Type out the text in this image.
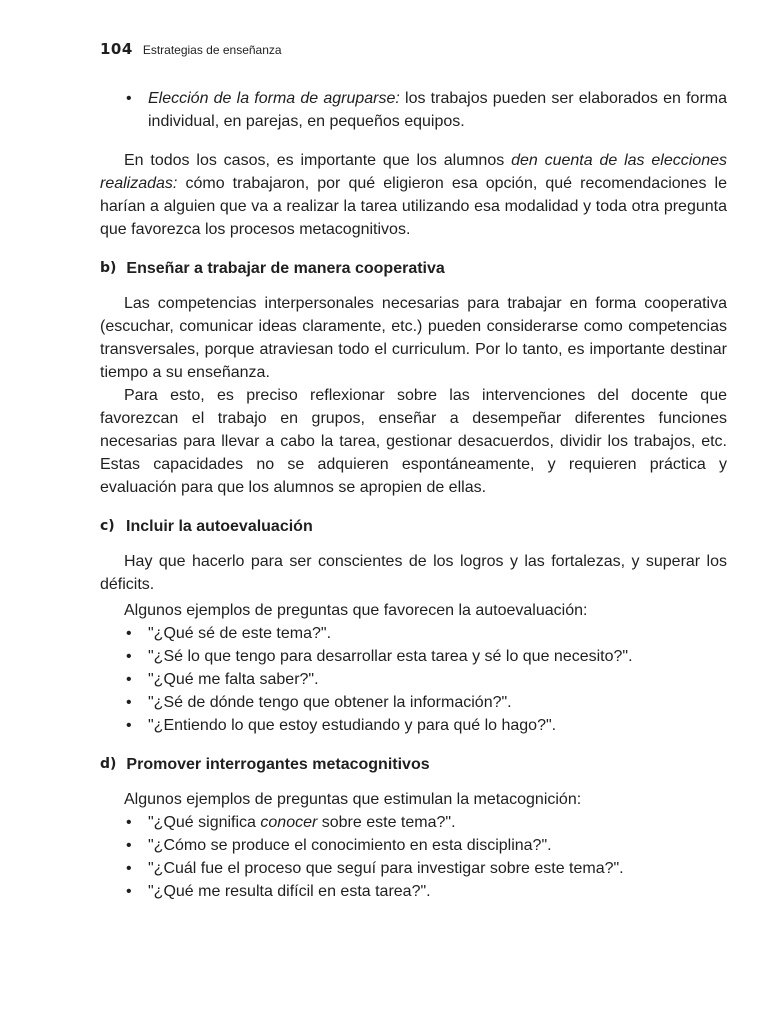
104 Estrategias de enseñanza
• Elección de la forma de agruparse: los trabajos pueden ser elaborados en forma individual, en parejas, en pequeños equipos.

En todos los casos, es importante que los alumnos den cuenta de las elecciones realizadas: cómo trabajaron, por qué eligieron esa opción, qué recomendaciones le harían a alguien que va a realizar la tarea utilizando esa modalidad y toda otra pregunta que favorezca los procesos metacognitivos.

b) Enseñar a trabajar de manera cooperativa

Las competencias interpersonales necesarias para trabajar en forma cooperativa (escuchar, comunicar ideas claramente, etc.) pueden considerarse como competencias transversales, porque atraviesan todo el curriculum. Por lo tanto, es importante destinar tiempo a su enseñanza.

Para esto, es preciso reflexionar sobre las intervenciones del docente que favorezcan el trabajo en grupos, enseñar a desempeñar diferentes funciones necesarias para llevar a cabo la tarea, gestionar desacuerdos, dividir los trabajos, etc. Estas capacidades no se adquieren espontáneamente, y requieren práctica y evaluación para que los alumnos se apropien de ellas.

c) Incluir la autoevaluación

Hay que hacerlo para ser conscientes de los logros y las fortalezas, y superar los déficits.

Algunos ejemplos de preguntas que favorecen la autoevaluación:

• "¿Qué sé de este tema?".
• "¿Sé lo que tengo para desarrollar esta tarea y sé lo que necesito?".
• "¿Qué me falta saber?".
• "¿Sé de dónde tengo que obtener la información?".
• "¿Entiendo lo que estoy estudiando y para qué lo hago?".
d) Promover interrogantes metacognitivos

Algunos ejemplos de preguntas que estimulan la metacognición:

• "¿Qué significa conocer sobre este tema?".
• "¿Cómo se produce el conocimiento en esta disciplina?".
• "¿Cuál fue el proceso que seguí para investigar sobre este tema?".
• "¿Qué me resulta difícil en esta tarea?".
